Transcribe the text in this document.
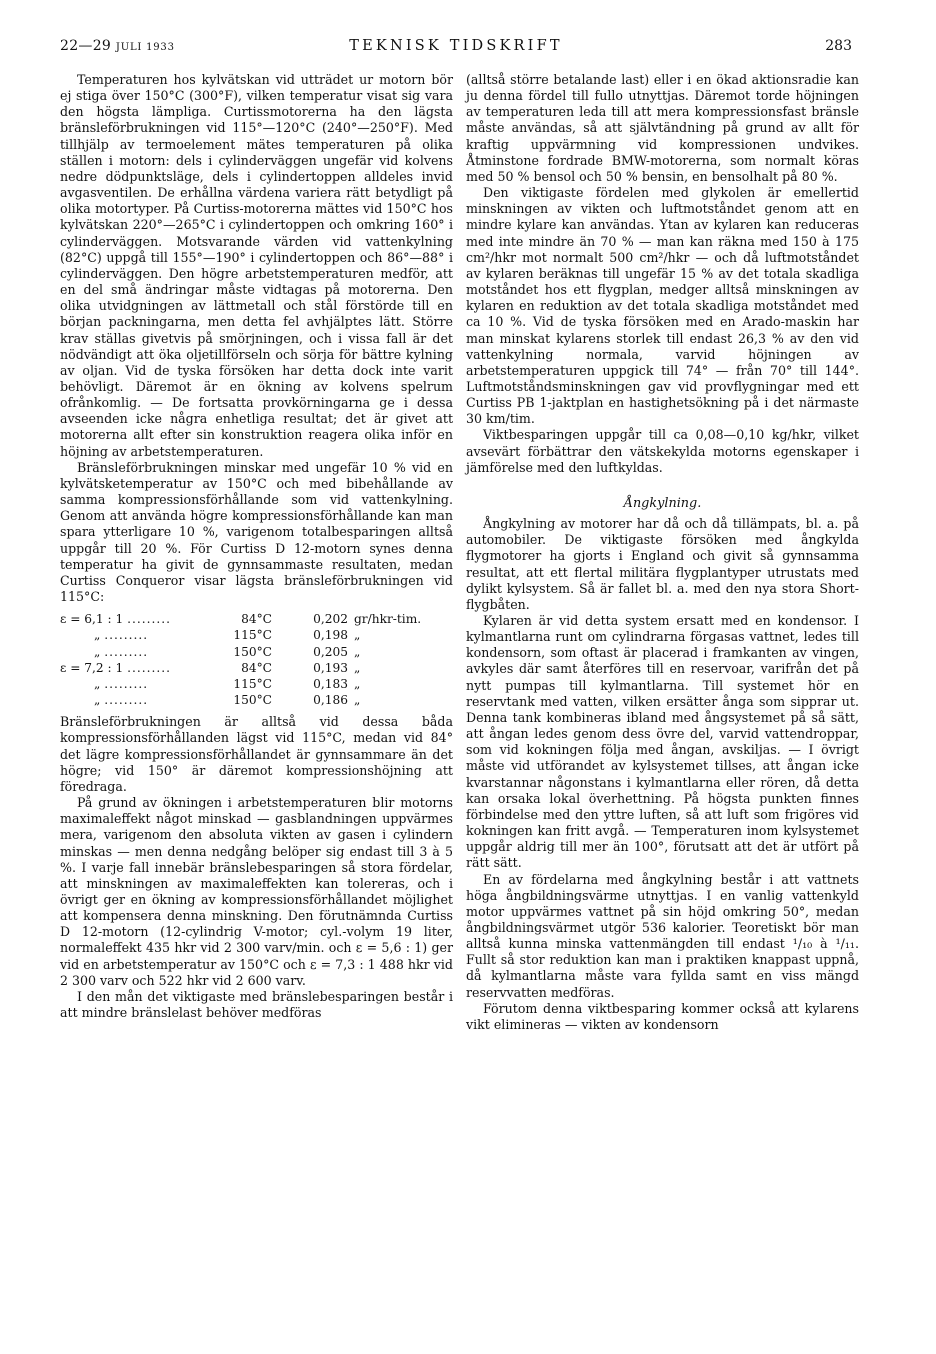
22—29 JULI 1933	TEKNISK TIDSKRIFT	283

Temperaturen hos kylvätskan vid utträdet ur motorn bör ej stiga över 150°C (300°F), vilken temperatur visat sig vara den högsta lämpliga. Curtissmotorerna ha den lägsta bränsleförbrukningen vid 115°—120°C (240°—250°F). Med tillhjälp av termoelement mätes temperaturen på olika ställen i motorn: dels i cylinderväggen ungefär vid kolvens nedre dödpunktsläge, dels i cylindertoppen alldeles invid avgasventilen. De erhållna värdena variera rätt betydligt på olika motortyper. På Curtiss-motorerna mättes vid 150°C hos kylvätskan 220°—265°C i cylindertoppen och omkring 160° i cylinderväggen. Motsvarande värden vid vattenkylning (82°C) uppgå till 155°—190° i cylindertoppen och 86°—88° i cylinderväggen. Den högre arbetstemperaturen medför, att en del små ändringar måste vidtagas på motorerna. Den olika utvidgningen av lättmetall och stål förstörde till en början packningarna, men detta fel avhjälptes lätt. Större krav ställas givetvis på smörjningen, och i vissa fall är det nödvändigt att öka oljetillförseln och sörja för bättre kylning av oljan. Vid de tyska försöken har detta dock inte varit behövligt. Däremot är en ökning av kolvens spelrum ofrånkomlig. — De fortsatta provkörningarna ge i dessa avseenden icke några enhetliga resultat; det är givet att motorerna allt efter sin konstruktion reagera olika inför en höjning av arbetstemperaturen.

Bränsleförbrukningen minskar med ungefär 10 % vid en kylvätsketemperatur av 150°C och med bibehållande av samma kompressionsförhållande som vid vattenkylning. Genom att använda högre kompressionsförhållande kan man spara ytterligare 10 %, varigenom totalbesparingen alltså uppgår till 20 %. För Curtiss D 12-motorn synes denna temperatur ha givit de gynnsammaste resultaten, medan Curtiss Conqueror visar lägsta bränsleförbrukningen vid 115°C:

ε = 6,1 : 1 .........	84°C	0,202	gr/hkr-tim.
„ .........	115°C	0,198	„
„ .........	150°C	0,205	„
ε = 7,2 : 1 .........	84°C	0,193	„
„ .........	115°C	0,183	„
„ .........	150°C	0,186	„

Bränsleförbrukningen är alltså vid dessa båda kompressionsförhållanden lägst vid 115°C, medan vid 84° det lägre kompressionsförhållandet är gynnsammare än det högre; vid 150° är däremot kompressionshöjning att föredraga.

På grund av ökningen i arbetstemperaturen blir motorns maximaleffekt något minskad — gasblandningen uppvärmes mera, varigenom den absoluta vikten av gasen i cylindern minskas — men denna nedgång belöper sig endast till 3 à 5 %. I varje fall innebär bränslebesparingen så stora fördelar, att minskningen av maximaleffekten kan tolereras, och i övrigt ger en ökning av kompressionsförhållandet möjlighet att kompensera denna minskning. Den förutnämnda Curtiss D 12-motorn (12-cylindrig V-motor; cyl.-volym 19 liter, normaleffekt 435 hkr vid 2 300 varv/min. och ε = 5,6 : 1) ger vid en arbetstemperatur av 150°C och ε = 7,3 : 1 488 hkr vid 2 300 varv och 522 hkr vid 2 600 varv.

I den mån det viktigaste med bränslebesparingen består i att mindre bränslelast behöver medföras

(alltså större betalande last) eller i en ökad aktionsradie kan ju denna fördel till fullo utnyttjas. Däremot torde höjningen av temperaturen leda till att mera kompressionsfast bränsle måste användas, så att självtändning på grund av allt för kraftig uppvärmning vid kompressionen undvikes. Åtminstone fordrade BMW-motorerna, som normalt köras med 50 % bensol och 50 % bensin, en bensolhalt på 80 %.

Den viktigaste fördelen med glykolen är emellertid minskningen av vikten och luftmotståndet genom att en mindre kylare kan användas. Ytan av kylaren kan reduceras med inte mindre än 70 % — man kan räkna med 150 à 175 cm²/hkr mot normalt 500 cm²/hkr — och då luftmotståndet av kylaren beräknas till ungefär 15 % av det totala skadliga motståndet hos ett flygplan, medger alltså minskningen av kylaren en reduktion av det totala skadliga motståndet med ca 10 %. Vid de tyska försöken med en Arado-maskin har man minskat kylarens storlek till endast 26,3 % av den vid vattenkylning normala, varvid höjningen av arbetstemperaturen uppgick till 74° — från 70° till 144°. Luftmotståndsminskningen gav vid provflygningar med ett Curtiss PB 1-jaktplan en hastighetsökning på i det närmaste 30 km/tim.

Viktbesparingen uppgår till ca 0,08—0,10 kg/hkr, vilket avsevärt förbättrar den vätskekylda motorns egenskaper i jämförelse med den luftkyldas.

Ångkylning.

Ångkylning av motorer har då och då tillämpats, bl. a. på automobiler. De viktigaste försöken med ångkylda flygmotorer ha gjorts i England och givit så gynnsamma resultat, att ett flertal militära flygplantyper utrustats med dylikt kylsystem. Så är fallet bl. a. med den nya stora Short-flygbåten.

Kylaren är vid detta system ersatt med en kondensor. I kylmantlarna runt om cylindrarna förgasas vattnet, ledes till kondensorn, som oftast är placerad i framkanten av vingen, avkyles där samt återföres till en reservoar, varifrån det på nytt pumpas till kylmantlarna. Till systemet hör en reservtank med vatten, vilken ersätter ånga som sipprar ut. Denna tank kombineras ibland med ångsystemet på så sätt, att ångan ledes genom dess övre del, varvid vattendroppar, som vid kokningen följa med ångan, avskiljas. — I övrigt måste vid utförandet av kylsystemet tillses, att ångan icke kvarstannar någonstans i kylmantlarna eller rören, då detta kan orsaka lokal överhettning. På högsta punkten finnes förbindelse med den yttre luften, så att luft som frigöres vid kokningen kan fritt avgå. — Temperaturen inom kylsystemet uppgår aldrig till mer än 100°, förutsatt att det är utfört på rätt sätt.

En av fördelarna med ångkylning består i att vattnets höga ångbildningsvärme utnyttjas. I en vanlig vattenkyld motor uppvärmes vattnet på sin höjd omkring 50°, medan ångbildningsvärmet utgör 536 kalorier. Teoretiskt bör man alltså kunna minska vattenmängden till endast ¹/₁₀ à ¹/₁₁. Fullt så stor reduktion kan man i praktiken knappast uppnå, då kylmantlarna måste vara fyllda samt en viss mängd reservvatten medföras.

Förutom denna viktbesparing kommer också att kylarens vikt elimineras — vikten av kondensorn
